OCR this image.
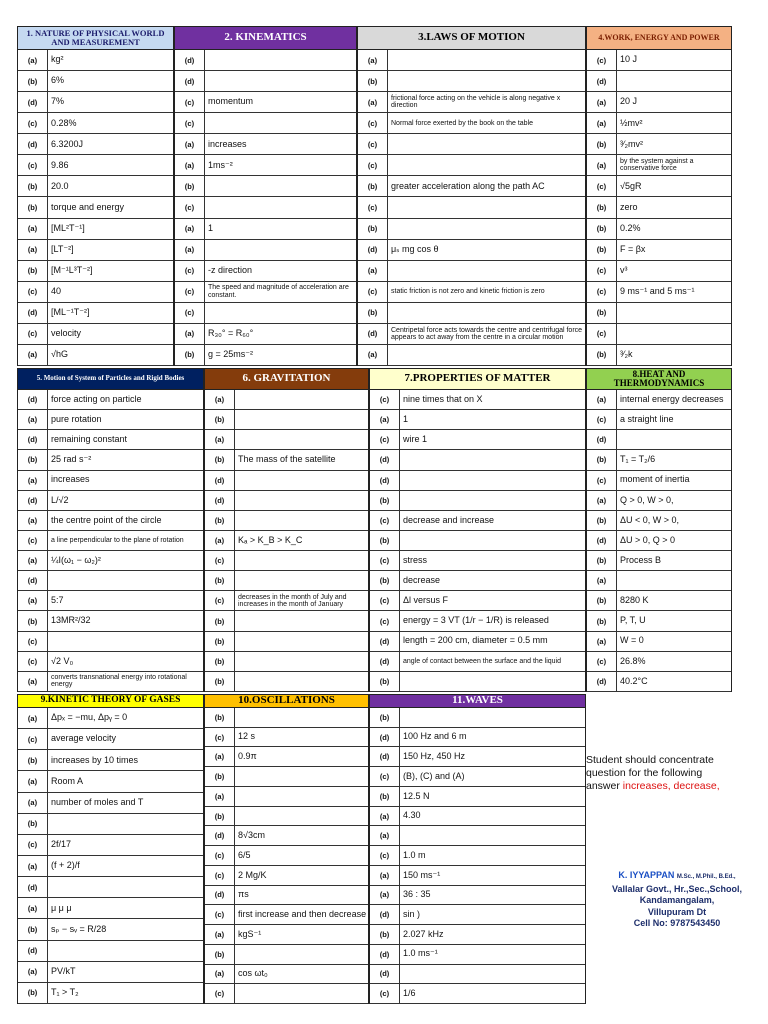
1. NATURE OF PHYSICAL WORLD AND MEASUREMENT
(a)	kg²
(b)	6%
(d)	7%
(c)	0.28%
(d)	6.3200J
(c)	9.86
(b)	20.0
(b)	torque and energy
(a)	[ML²T⁻¹]
(a)	[LT⁻²]
(b)	[M⁻¹L³T⁻²]
(c)	40
(d)	[ML⁻¹T⁻²]
(c)	velocity
(a)	√hG
2. KINEMATICS
(d)
(d)
(c)	momentum
(c)
(a)	increases
(a)	1ms⁻²
(b)
(c)
(a)	1
(a)
(c)	-z direction
(c)	The speed and magnitude of acceleration are constant.
(c)
(a)	R₃₀° = R₆₀°
(b)	g = 25ms⁻²
3.LAWS OF MOTION
(a)
(b)
(a)	frictional force acting on the vehicle is along negative x direction
(c)	Normal force exerted by the book on the table
(c)
(c)
(b)	greater acceleration along the path AC
(c)
(b)
(d)	μₛ mg cos θ
(a)
(c)	static friction is not zero and kinetic friction is zero
(b)
(d)	Centripetal force acts towards the centre and centrifugal force appears to act away from the centre in a circular motion
(a)
4.WORK, ENERGY AND POWER
(c)	10 J
(d)
(a)	20 J
(a)	½mv²
(b)	³⁄₂mv²
(a)	by the system against a conservative force
(c)	√5gR
(b)	zero
(b)	0.2%
(b)	F = βx
(c)	v³
(c)	9 ms⁻¹ and 5 ms⁻¹
(b)
(c)
(b)	³⁄₂k
5. Motion of System of Particles and Rigid Bodies
(d)	force acting on particle
(a)	pure rotation
(d)	remaining constant
(b)	25 rad s⁻²
(a)	increases
(d)	L/√2
(a)	the centre point of the circle
(c)	a line perpendicular to the plane of rotation
(a)	¼I(ω₁ − ω₂)²
(d)
(a)	5:7
(b)	13MR²/32
(c)
(c)	√2 V₀
(a)	converts transnational energy into rotational energy
6. GRAVITATION
(a)
(b)
(a)
(b)	The mass of the satellite
(d)
(d)
(b)
(a)	Kₐ > K_B > K_C
(c)
(b)
(c)	decreases in the month of July and increases in the month of January
(b)
(b)
(b)
(b)
7.PROPERTIES OF MATTER
(c)	nine times that on X
(a)	1
(c)	wire 1
(d)
(d)
(b)
(c)	decrease and increase
(b)
(c)	stress
(b)	decrease
(c)	Δl versus F
(c)	energy = 3 VT (1/r − 1/R) is released
(d)	length = 200 cm, diameter = 0.5 mm
(d)	angle of contact between the surface and the liquid
(b)
8.HEAT AND THERMODYNAMICS
(a)	internal energy decreases
(c)	a straight line
(d)
(b)	T₁ = T₂/6
(c)	moment of inertia
(a)	Q > 0, W > 0,
(b)	ΔU < 0, W > 0,
(d)	ΔU > 0, Q > 0
(b)	Process B
(a)
(b)	8280 K
(b)	P, T, U
(a)	W = 0
(c)	26.8%
(d)	40.2°C
9.KINETIC THEORY OF GASES
(a)	Δpₓ = −mu, Δpᵧ = 0
(c)	average velocity
(b)	increases by 10 times
(a)	Room A
(a)	number of moles and T
(b)
(c)	2f/17
(a)	(f + 2)/f
(d)
(a)	μ μ μ
(b)	sₚ − sᵥ = R/28
(d)
(a)	PV/kT
(b)	T₁ > T₂
10.OSCILLATIONS
(b)
(c)	12 s
(a)	0.9π
(b)
(a)
(b)
(d)	8√3cm
(c)	6/5
(c)	2 Mg/K
(d)	πs
(c)	first increase and then decrease
(a)	kgS⁻¹
(b)
(a)	cos ωt₀
(c)
11.WAVES
(b)
(d)	100 Hz and 6 m
(d)	150 Hz, 450 Hz
(c)	(B), (C) and (A)
(b)	12.5 N
(a)	4.30
(a)
(c)	1.0 m
(a)	150 ms⁻¹
(a)	36 : 35
(d)	sin )
(b)	2.027 kHz
(d)	1.0 ms⁻¹
(d)
(c)	1/6
Student should concentrate
question for the following
answer increases, decrease,
K. IYYAPPAN M.Sc., M.Phil., B.Ed.,
Vallalar Govt., Hr.,Sec.,School,
Kandamangalam,
Villupuram Dt
Cell No: 9787543450
